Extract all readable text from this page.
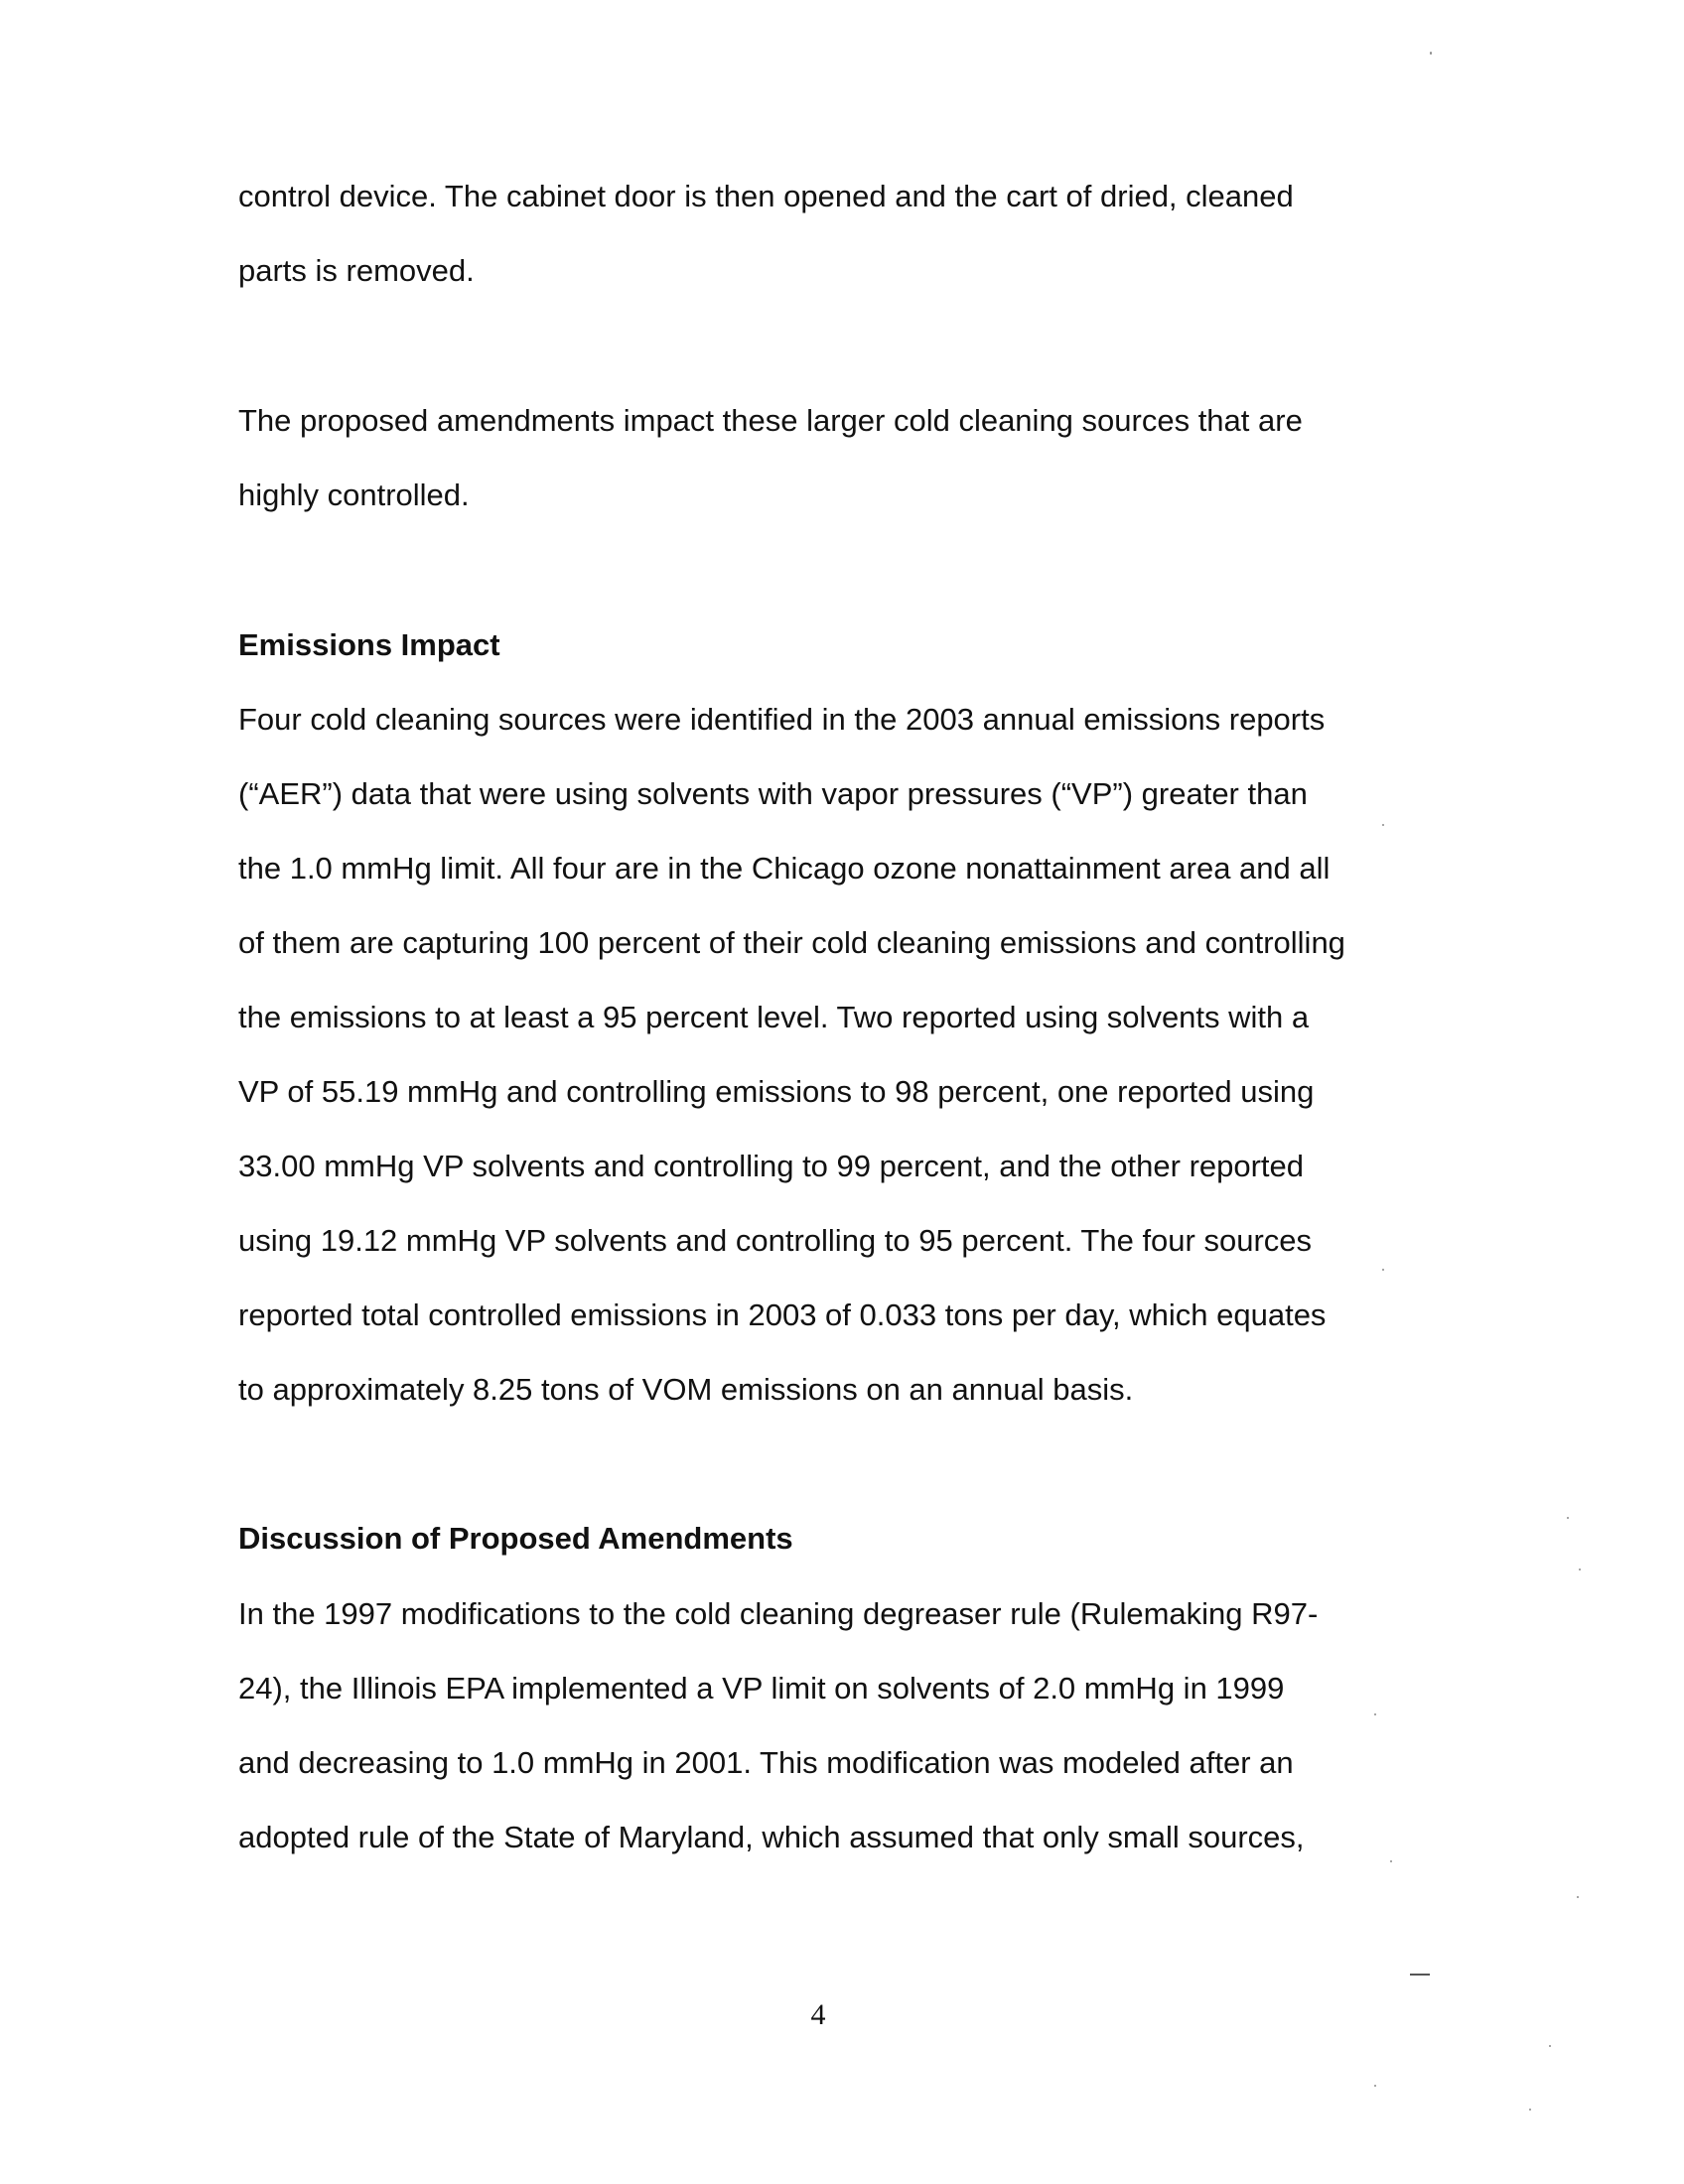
control device. The cabinet door is then opened and the cart of dried, cleaned
parts is removed.

The proposed amendments impact these larger cold cleaning sources that are
highly controlled.

Emissions Impact

Four cold cleaning sources were identified in the 2003 annual emissions reports
(“AER”) data that were using solvents with vapor pressures (“VP”) greater than
the 1.0 mmHg limit. All four are in the Chicago ozone nonattainment area and all
of them are capturing 100 percent of their cold cleaning emissions and controlling
the emissions to at least a 95 percent level. Two reported using solvents with a
VP of 55.19 mmHg and controlling emissions to 98 percent, one reported using
33.00 mmHg VP solvents and controlling to 99 percent, and the other reported
using 19.12 mmHg VP solvents and controlling to 95 percent. The four sources
reported total controlled emissions in 2003 of 0.033 tons per day, which equates
to approximately 8.25 tons of VOM emissions on an annual basis.

Discussion of Proposed Amendments

In the 1997 modifications to the cold cleaning degreaser rule (Rulemaking R97-
24), the Illinois EPA implemented a VP limit on solvents of 2.0 mmHg in 1999
and decreasing to 1.0 mmHg in 2001. This modification was modeled after an
adopted rule of the State of Maryland, which assumed that only small sources,

4
